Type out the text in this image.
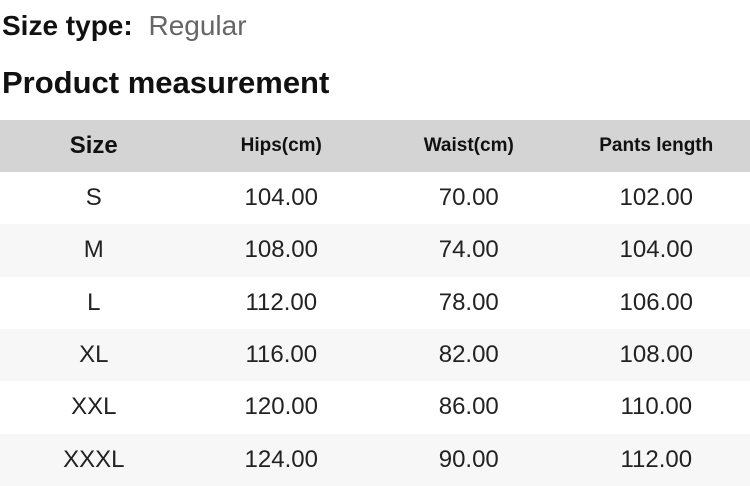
Size type: Regular
Product measurement
Size	Hips(cm)	Waist(cm)	Pants length
S	104.00	70.00	102.00
M	108.00	74.00	104.00
L	112.00	78.00	106.00
XL	116.00	82.00	108.00
XXL	120.00	86.00	110.00
XXXL	124.00	90.00	112.00
